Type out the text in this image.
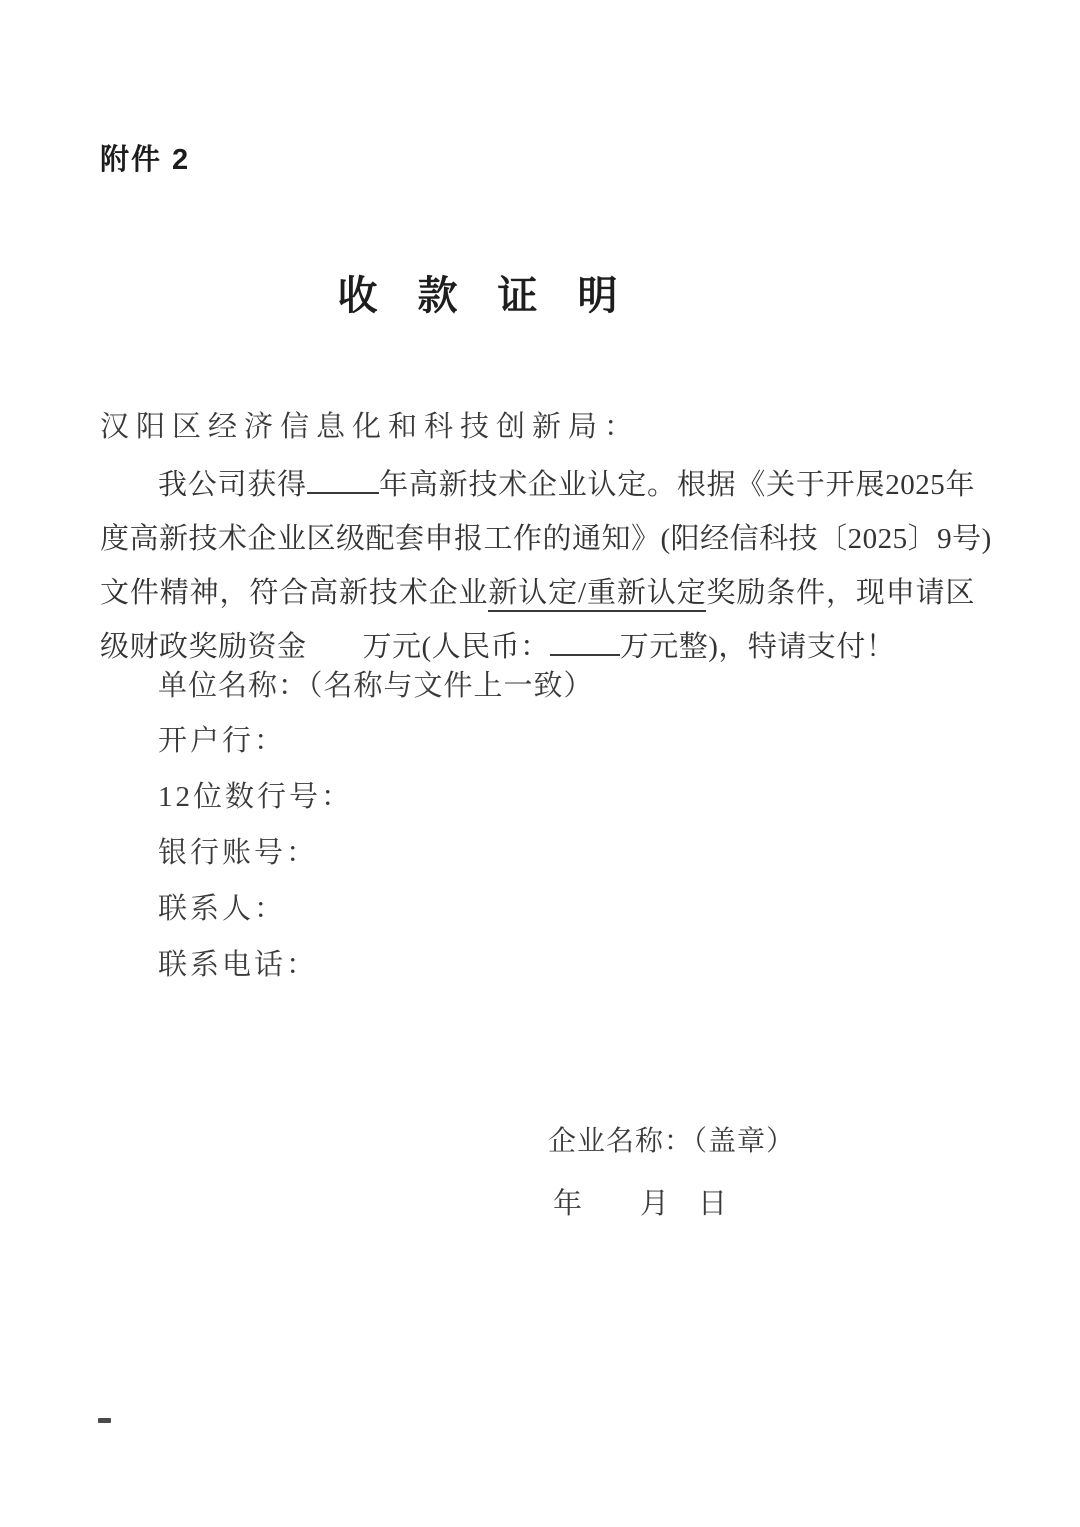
附件 2
收　款　证　明
汉阳区经济信息化和科技创新局：
我公司获得 年高新技术企业认定。根据《关于开展2025年
度高新技术企业区级配套申报工作的通知》(阳经信科技〔2025〕9号)
文件精神，符合高新技术企业新认定/重新认定奖励条件，现申请区
级财政奖励资金 万元(人民币： 万元整)，特请支付！
单位名称：（名称与文件上一致）
开户行：
12位数行号：
银行账号：
联系人：
联系电话：
企业名称：（盖章）
年　　月　日
